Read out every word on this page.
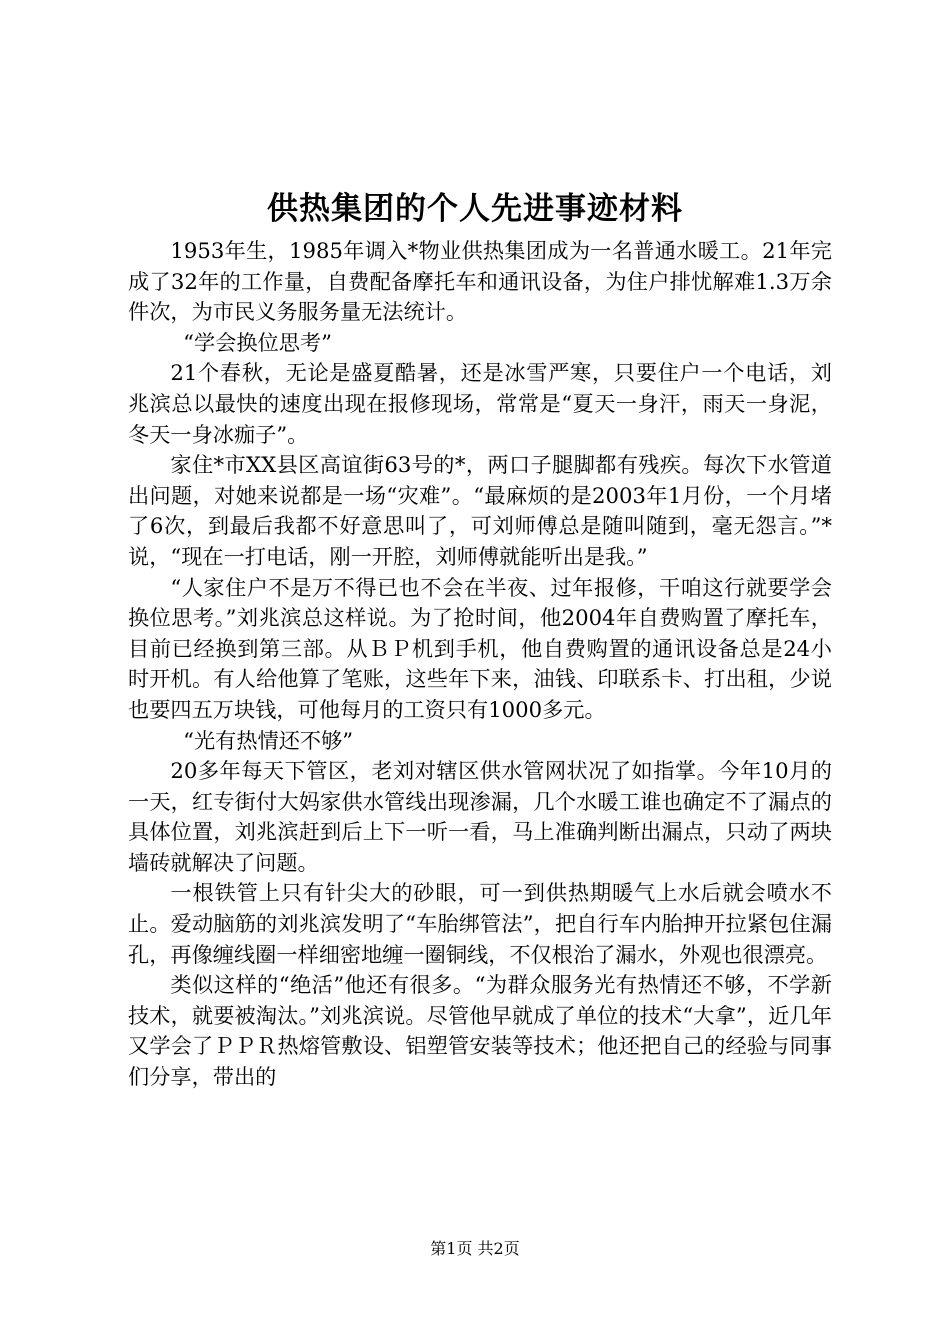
供热集团的个人先进事迹材料

1953年生，1985年调入*物业供热集团成为一名普通水暖工。21年完成了32年的工作量，自费配备摩托车和通讯设备，为住户排忧解难1.3万余件次，为市民义务服务量无法统计。

“学会换位思考”

21个春秋，无论是盛夏酷暑，还是冰雪严寒，只要住户一个电话，刘兆滨总以最快的速度出现在报修现场，常常是“夏天一身汗，雨天一身泥，冬天一身冰痂子”。

家住*市XX县区高谊街63号的*，两口子腿脚都有残疾。每次下水管道出问题，对她来说都是一场“灾难”。“最麻烦的是2003年1月份，一个月堵了6次，到最后我都不好意思叫了，可刘师傅总是随叫随到，毫无怨言。”*说，“现在一打电话，刚一开腔，刘师傅就能听出是我。”

“人家住户不是万不得已也不会在半夜、过年报修，干咱这行就要学会换位思考。”刘兆滨总这样说。为了抢时间，他2004年自费购置了摩托车，目前已经换到第三部。从ＢＰ机到手机，他自费购置的通讯设备总是24小时开机。有人给他算了笔账，这些年下来，油钱、印联系卡、打出租，少说也要四五万块钱，可他每月的工资只有1000多元。

“光有热情还不够”

20多年每天下管区，老刘对辖区供水管网状况了如指掌。今年10月的一天，红专街付大妈家供水管线出现渗漏，几个水暖工谁也确定不了漏点的具体位置，刘兆滨赶到后上下一听一看，马上准确判断出漏点，只动了两块墙砖就解决了问题。

一根铁管上只有针尖大的砂眼，可一到供热期暖气上水后就会喷水不止。爱动脑筋的刘兆滨发明了“车胎绑管法”，把自行车内胎抻开拉紧包住漏孔，再像缠线圈一样细密地缠一圈铜线，不仅根治了漏水，外观也很漂亮。

类似这样的“绝活”他还有很多。“为群众服务光有热情还不够，不学新技术，就要被淘汰。”刘兆滨说。尽管他早就成了单位的技术“大拿”，近几年又学会了ＰＰＲ热熔管敷设、铝塑管安装等技术；他还把自己的经验与同事们分享，带出的

第1页 共2页
